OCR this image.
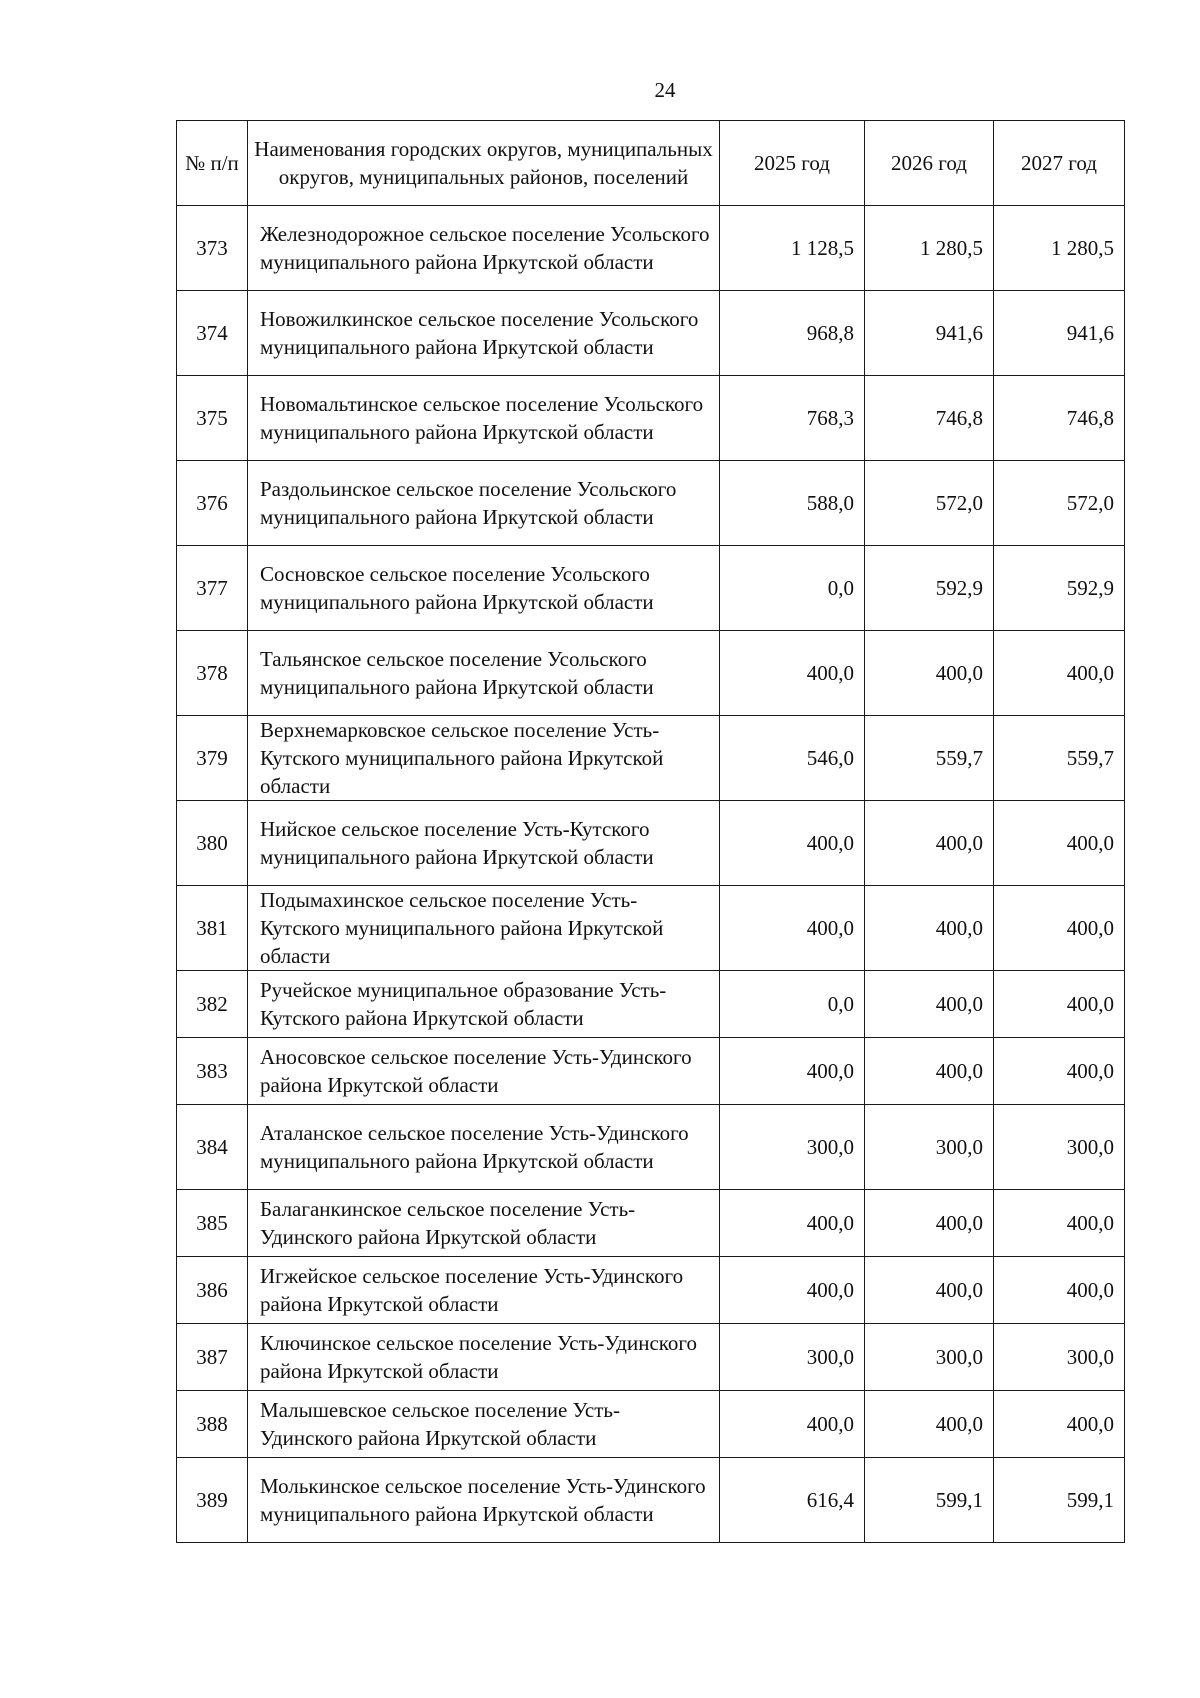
24
№ п/п	Наименования городских округов, муниципальных округов, муниципальных районов, поселений	2025 год	2026 год	2027 год
373	Железнодорожное сельское поселение Усольского муниципального района Иркутской области	1 128,5	1 280,5	1 280,5
374	Новожилкинское сельское поселение Усольского муниципального района Иркутской области	968,8	941,6	941,6
375	Новомальтинское сельское поселение Усольского муниципального района Иркутской области	768,3	746,8	746,8
376	Раздольинское сельское поселение Усольского муниципального района Иркутской области	588,0	572,0	572,0
377	Сосновское сельское поселение Усольского муниципального района Иркутской области	0,0	592,9	592,9
378	Тальянское сельское поселение Усольского муниципального района Иркутской области	400,0	400,0	400,0
379	Верхнемарковское сельское поселение Усть-Кутского муниципального района Иркутской области	546,0	559,7	559,7
380	Нийское сельское поселение Усть-Кутского муниципального района Иркутской области	400,0	400,0	400,0
381	Подымахинское сельское поселение Усть-Кутского муниципального района Иркутской области	400,0	400,0	400,0
382	Ручейское муниципальное образование Усть-Кутского района Иркутской области	0,0	400,0	400,0
383	Аносовское сельское поселение Усть-Удинского района Иркутской области	400,0	400,0	400,0
384	Аталанское сельское поселение Усть-Удинского муниципального района Иркутской области	300,0	300,0	300,0
385	Балаганкинское сельское поселение Усть-Удинского района Иркутской области	400,0	400,0	400,0
386	Игжейское сельское поселение Усть-Удинского района Иркутской области	400,0	400,0	400,0
387	Ключинское сельское поселение Усть-Удинского района Иркутской области	300,0	300,0	300,0
388	Малышевское сельское поселение Усть-Удинского района Иркутской области	400,0	400,0	400,0
389	Молькинское сельское поселение Усть-Удинского муниципального района Иркутской области	616,4	599,1	599,1
